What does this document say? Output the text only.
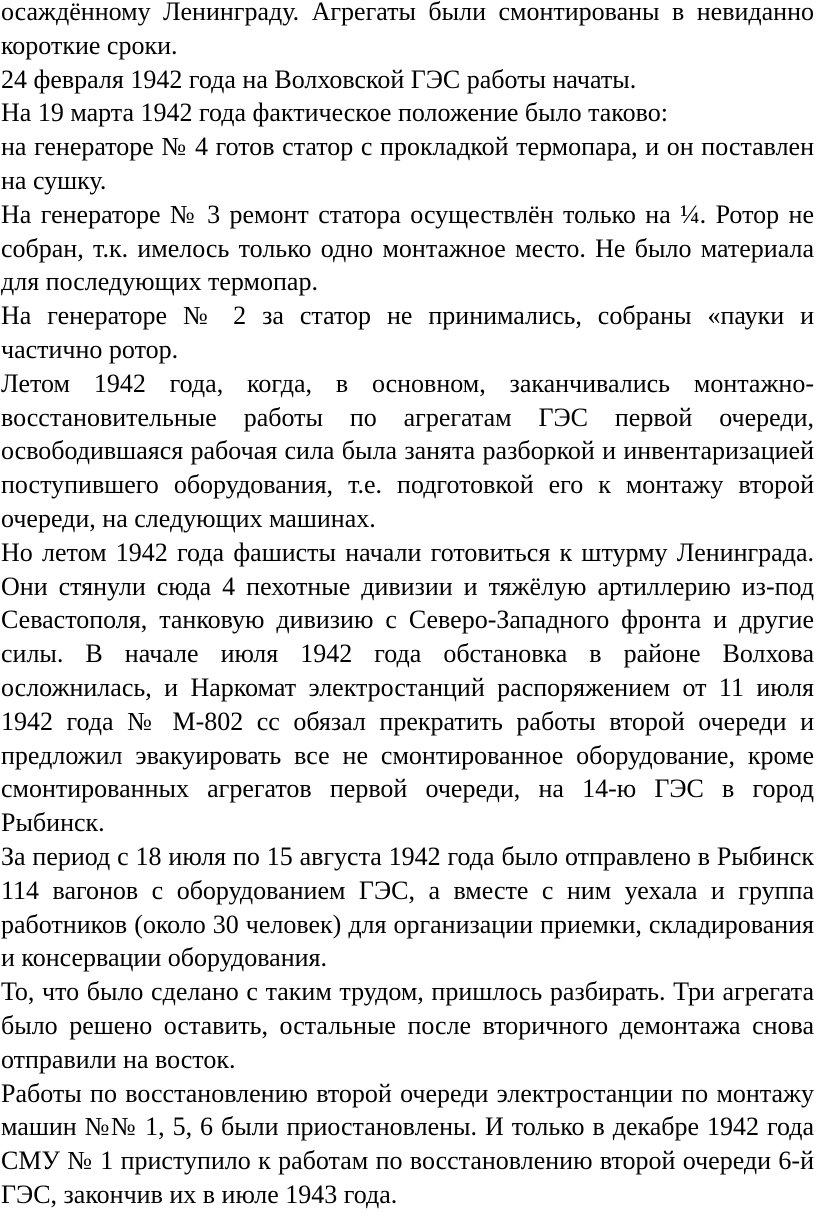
осаждённому Ленинграду. Агрегаты были смонтированы в невиданно короткие сроки.

24 февраля 1942 года на Волховской ГЭС работы начаты.

На 19 марта 1942 года фактическое положение было таково:

на генераторе № 4 готов статор с прокладкой термопара, и он поставлен на сушку.

На генераторе № 3 ремонт статора осуществлён только на ¼. Ротор не собран, т.к. имелось только одно монтажное место. Не было материала для последующих термопар.

На генераторе № 2 за статор не принимались, собраны «пауки и частично ротор.

Летом 1942 года, когда, в основном, заканчивались монтажно-восстановительные работы по агрегатам ГЭС первой очереди, освободившаяся рабочая сила была занята разборкой и инвентаризацией поступившего оборудования, т.е. подготовкой его к монтажу второй очереди, на следующих машинах.

Но летом 1942 года фашисты начали готовиться к штурму Ленинграда. Они стянули сюда 4 пехотные дивизии и тяжёлую артиллерию из-под Севастополя, танковую дивизию с Северо-Западного фронта и другие силы. В начале июля 1942 года обстановка в районе Волхова осложнилась, и Наркомат электростанций распоряжением от 11 июля 1942 года № М-802 сс обязал прекратить работы второй очереди и предложил эвакуировать все не смонтированное оборудование, кроме смонтированных агрегатов первой очереди, на 14-ю ГЭС в город Рыбинск.

За период с 18 июля по 15 августа 1942 года было отправлено в Рыбинск 114 вагонов с оборудованием ГЭС, а вместе с ним уехала и группа работников (около 30 человек) для организации приемки, складирования и консервации оборудования.

То, что было сделано с таким трудом, пришлось разбирать. Три агрегата было решено оставить, остальные после вторичного демонтажа снова отправили на восток.

Работы по восстановлению второй очереди электростанции по монтажу машин №№ 1, 5, 6 были приостановлены. И только в декабре 1942 года СМУ № 1 приступило к работам по восстановлению второй очереди 6-й ГЭС, закончив их в июле 1943 года.
